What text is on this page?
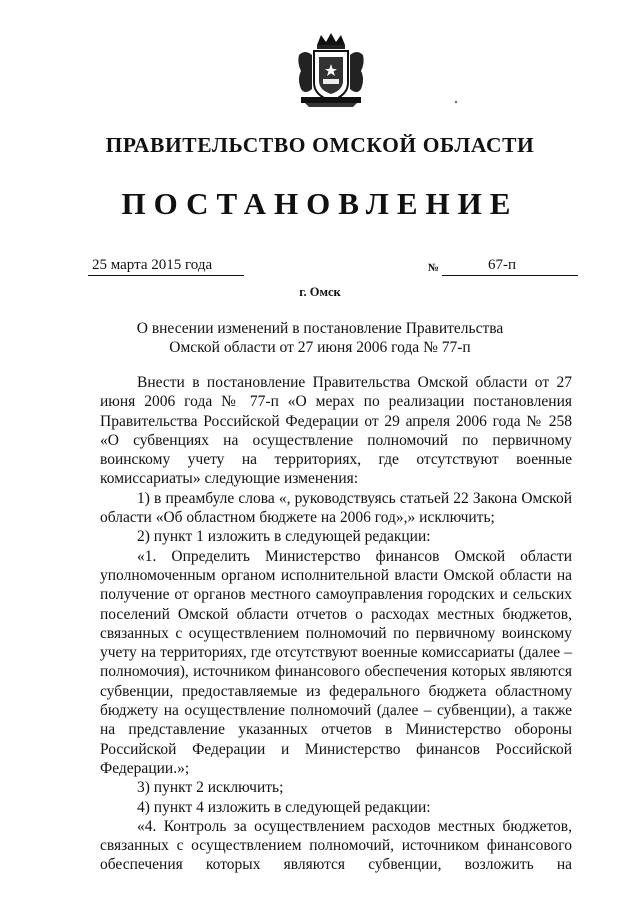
ПРАВИТЕЛЬСТВО ОМСКОЙ ОБЛАСТИ
ПОСТАНОВЛЕНИЕ
25 марта 2015 года	№	67-п
г. Омск
О внесении изменений в постановление Правительства
Омской области от 27 июня 2006 года № 77-п

Внести в постановление Правительства Омской области от 27 июня 2006 года № 77-п «О мерах по реализации постановления Правительства Российской Федерации от 29 апреля 2006 года № 258 «О субвенциях на осуществление полномочий по первичному воинскому учету на территориях, где отсутствуют военные комиссариаты» следующие изменения:

1) в преамбуле слова «, руководствуясь статьей 22 Закона Омской области «Об областном бюджете на 2006 год»,» исключить;

2) пункт 1 изложить в следующей редакции:

«1. Определить Министерство финансов Омской области уполномоченным органом исполнительной власти Омской области на получение от органов местного самоуправления городских и сельских поселений Омской области отчетов о расходах местных бюджетов, связанных с осуществлением полномочий по первичному воинскому учету на территориях, где отсутствуют военные комиссариаты (далее – полномочия), источником финансового обеспечения которых являются субвенции, предоставляемые из федерального бюджета областному бюджету на осуществление полномочий (далее – субвенции), а также на представление указанных отчетов в Министерство обороны Российской Федерации и Министерство финансов Российской Федерации.»;

3) пункт 2 исключить;

4) пункт 4 изложить в следующей редакции:

«4. Контроль за осуществлением расходов местных бюджетов, связанных с осуществлением полномочий, источником финансового обеспечения которых являются субвенции, возложить на
